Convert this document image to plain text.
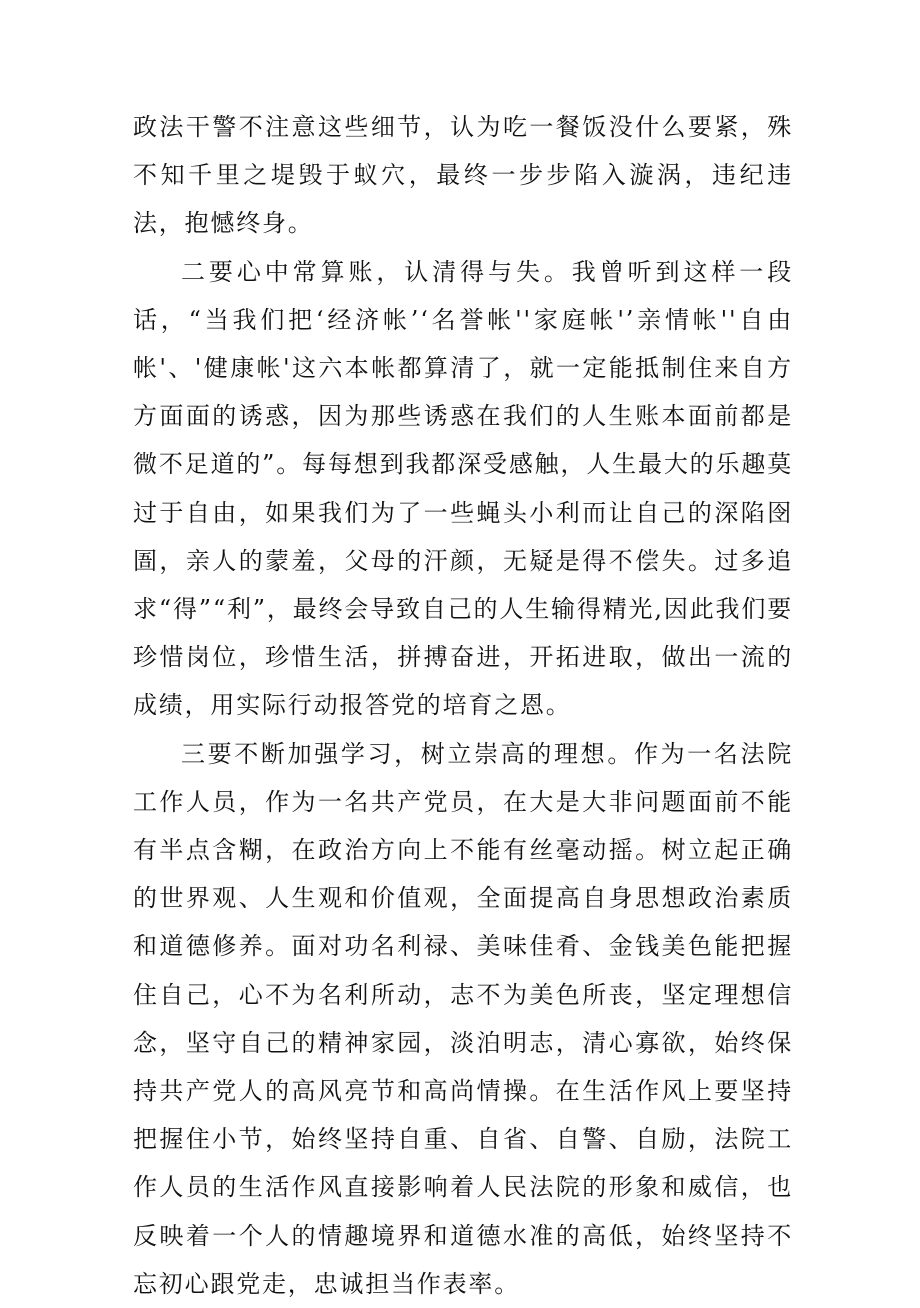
政法干警不注意这些细节，认为吃一餐饭没什么要紧，殊不知千里之堤毁于蚁穴，最终一步步陷入漩涡，违纪违法，抱憾终身。

二要心中常算账，认清得与失。我曾听到这样一段话，“当我们把‘经济帐’‘名誉帐''家庭帐'’亲情帐''自由帐'、'健康帐'这六本帐都算清了，就一定能抵制住来自方方面面的诱惑，因为那些诱惑在我们的人生账本面前都是微不足道的”。每每想到我都深受感触，人生最大的乐趣莫过于自由，如果我们为了一些蝇头小利而让自己的深陷囹圄，亲人的蒙羞，父母的汗颜，无疑是得不偿失。过多追求“得”“利”，最终会导致自己的人生输得精光,因此我们要珍惜岗位，珍惜生活，拼搏奋进，开拓进取，做出一流的成绩，用实际行动报答党的培育之恩。

三要不断加强学习，树立崇高的理想。作为一名法院工作人员，作为一名共产党员，在大是大非问题面前不能有半点含糊，在政治方向上不能有丝毫动摇。树立起正确的世界观、人生观和价值观，全面提高自身思想政治素质和道德修养。面对功名利禄、美味佳肴、金钱美色能把握住自己，心不为名利所动，志不为美色所丧，坚定理想信念，坚守自己的精神家园，淡泊明志，清心寡欲，始终保持共产党人的高风亮节和高尚情操。在生活作风上要坚持把握住小节，始终坚持自重、自省、自警、自励，法院工作人员的生活作风直接影响着人民法院的形象和威信，也反映着一个人的情趣境界和道德水准的高低，始终坚持不忘初心跟党走，忠诚担当作表率。
